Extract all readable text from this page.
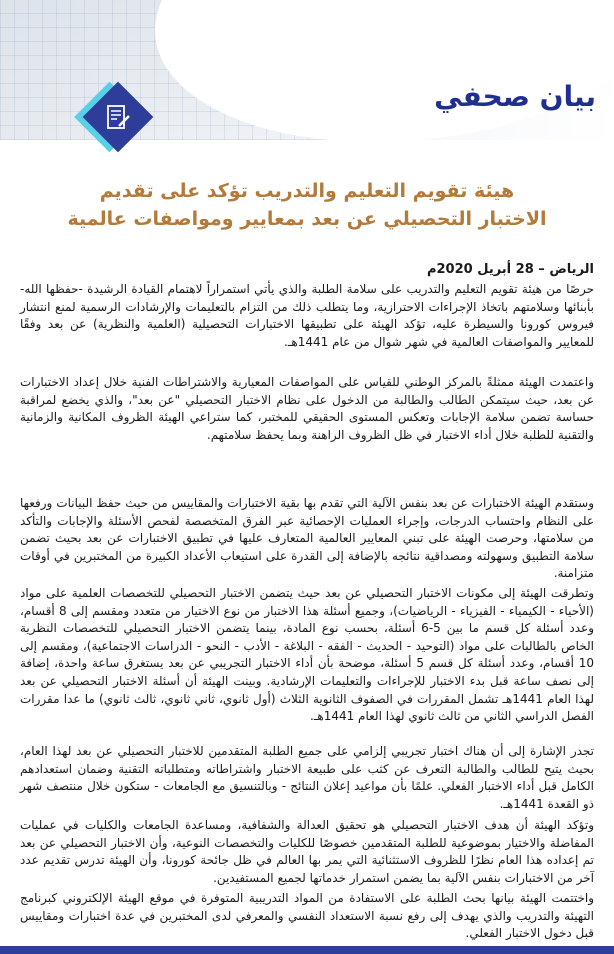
بيان صحفي
هيئة تقويم التعليم والتدريب تؤكد على تقديم
الاختبار التحصيلي عن بعد بمعايير ومواصفات عالمية
الرياض – 28 أبريل 2020م
حرصًا من هيئة تقويم التعليم والتدريب على سلامة الطلبة والذي يأتي استمراراً لاهتمام القيادة الرشيدة -حفظها الله- بأبنائها وسلامتهم باتخاذ الإجراءات الاحترازية، وما يتطلب ذلك من التزام بالتعليمات والإرشادات الرسمية لمنع انتشار فيروس كورونا والسيطرة عليه، تؤكد الهيئة على تطبيقها الاختبارات التحصيلية (العلمية والنظرية) عن بعد وفقًا للمعايير والمواصفات العالمية في شهر شوال من عام 1441هـ.
واعتمدت الهيئة ممثلةً بالمركز الوطني للقياس على المواصفات المعيارية والاشتراطات الفنية خلال إعداد الاختبارات عن بعد، حيث سيتمكن الطالب والطالبة من الدخول على نظام الاختبار التحصيلي "عن بعد"، والذي يخضع لمراقبة حساسة تضمن سلامة الإجابات وتعكس المستوى الحقيقي للمختبر، كما ستراعي الهيئة الظروف المكانية والزمانية والتقنية للطلبة خلال أداء الاختبار في ظل الظروف الراهنة وبما يحفظ سلامتهم.
وستقدم الهيئة الاختبارات عن بعد بنفس الآلية التي تقدم بها بقية الاختبارات والمقاييس من حيث حفظ البيانات ورفعها على النظام واحتساب الدرجات، وإجراء العمليات الإحصائية عبر الفرق المتخصصة لفحص الأسئلة والإجابات والتأكد من سلامتها، وحرصت الهيئة على تبني المعايير العالمية المتعارف عليها في تطبيق الاختبارات عن بعد بحيث تضمن سلامة التطبيق وسهولته ومصداقية نتائجه بالإضافة إلى القدرة على استيعاب الأعداد الكبيرة من المختبرين في أوقات متزامنة.
وتطرقت الهيئة إلى مكونات الاختبار التحصيلي عن بعد حيث يتضمن الاختبار التحصيلي للتخصصات العلمية على مواد (الأحياء - الكيمياء - الفيزياء - الرياضيات)، وجميع أسئلة هذا الاختبار من نوع الاختيار من متعدد ومقسم إلى 8 أقسام، وعدد أسئلة كل قسم ما بين 5-6 أسئلة، بحسب نوع المادة، بينما يتضمن الاختبار التحصيلي للتخصصات النظرية الخاص بالطالبات على مواد (التوحيد - الحديث - الفقه - البلاغة - الأدب - النحو - الدراسات الاجتماعية)، ومقسم إلى 10 أقسام، وعدد أسئلة كل قسم 5 أسئلة، موضحة بأن أداء الاختبار التجريبي عن بعد يستغرق ساعة واحدة، إضافة إلى نصف ساعة قبل بدء الاختبار للإجراءات والتعليمات الإرشادية. وبينت الهيئة أن أسئلة الاختبار التحصيلي عن بعد لهذا العام 1441هـ تشمل المقررات في الصفوف الثانوية الثلاث (أول ثانوي، ثاني ثانوي، ثالث ثانوي) ما عدا مقررات الفصل الدراسي الثاني من ثالث ثانوي لهذا العام 1441هـ.
تجدر الإشارة إلى أن هناك اختبار تجريبي إلزامي على جميع الطلبة المتقدمين للاختبار التحصيلي عن بعد لهذا العام، بحيث يتيح للطالب والطالبة التعرف عن كثب على طبيعة الاختبار واشتراطاته ومتطلباته التقنية وضمان استعدادهم الكامل قبل أداء الاختبار الفعلي. علمًا بأن مواعيد إعلان النتائج - وبالتنسيق مع الجامعات - ستكون خلال منتصف شهر ذو القعدة 1441هـ.
وتؤكد الهيئة أن هدف الاختبار التحصيلي هو تحقيق العدالة والشفافية، ومساعدة الجامعات والكليات في عمليات المفاضلة والاختيار بموضوعية للطلبة المتقدمين خصوصًا للكليات والتخصصات النوعية، وأن الاختبار التحصيلي عن بعد تم إعداده هذا العام نظرًا للظروف الاستثنائية التي يمر بها العالم في ظل جائحة كورونا، وأن الهيئة تدرس تقديم عدد آخر من الاختبارات بنفس الآلية بما يضمن استمرار خدماتها لجميع المستفيدين.
واختتمت الهيئة بيانها بحث الطلبة على الاستفادة من المواد التدريبية المتوفرة في موقع الهيئة الإلكتروني كبرنامج التهيئة والتدريب والذي يهدف إلى رفع نسبة الاستعداد النفسي والمعرفي لدى المختبرين في عدة اختبارات ومقاييس قبل دخول الاختبار الفعلي.
